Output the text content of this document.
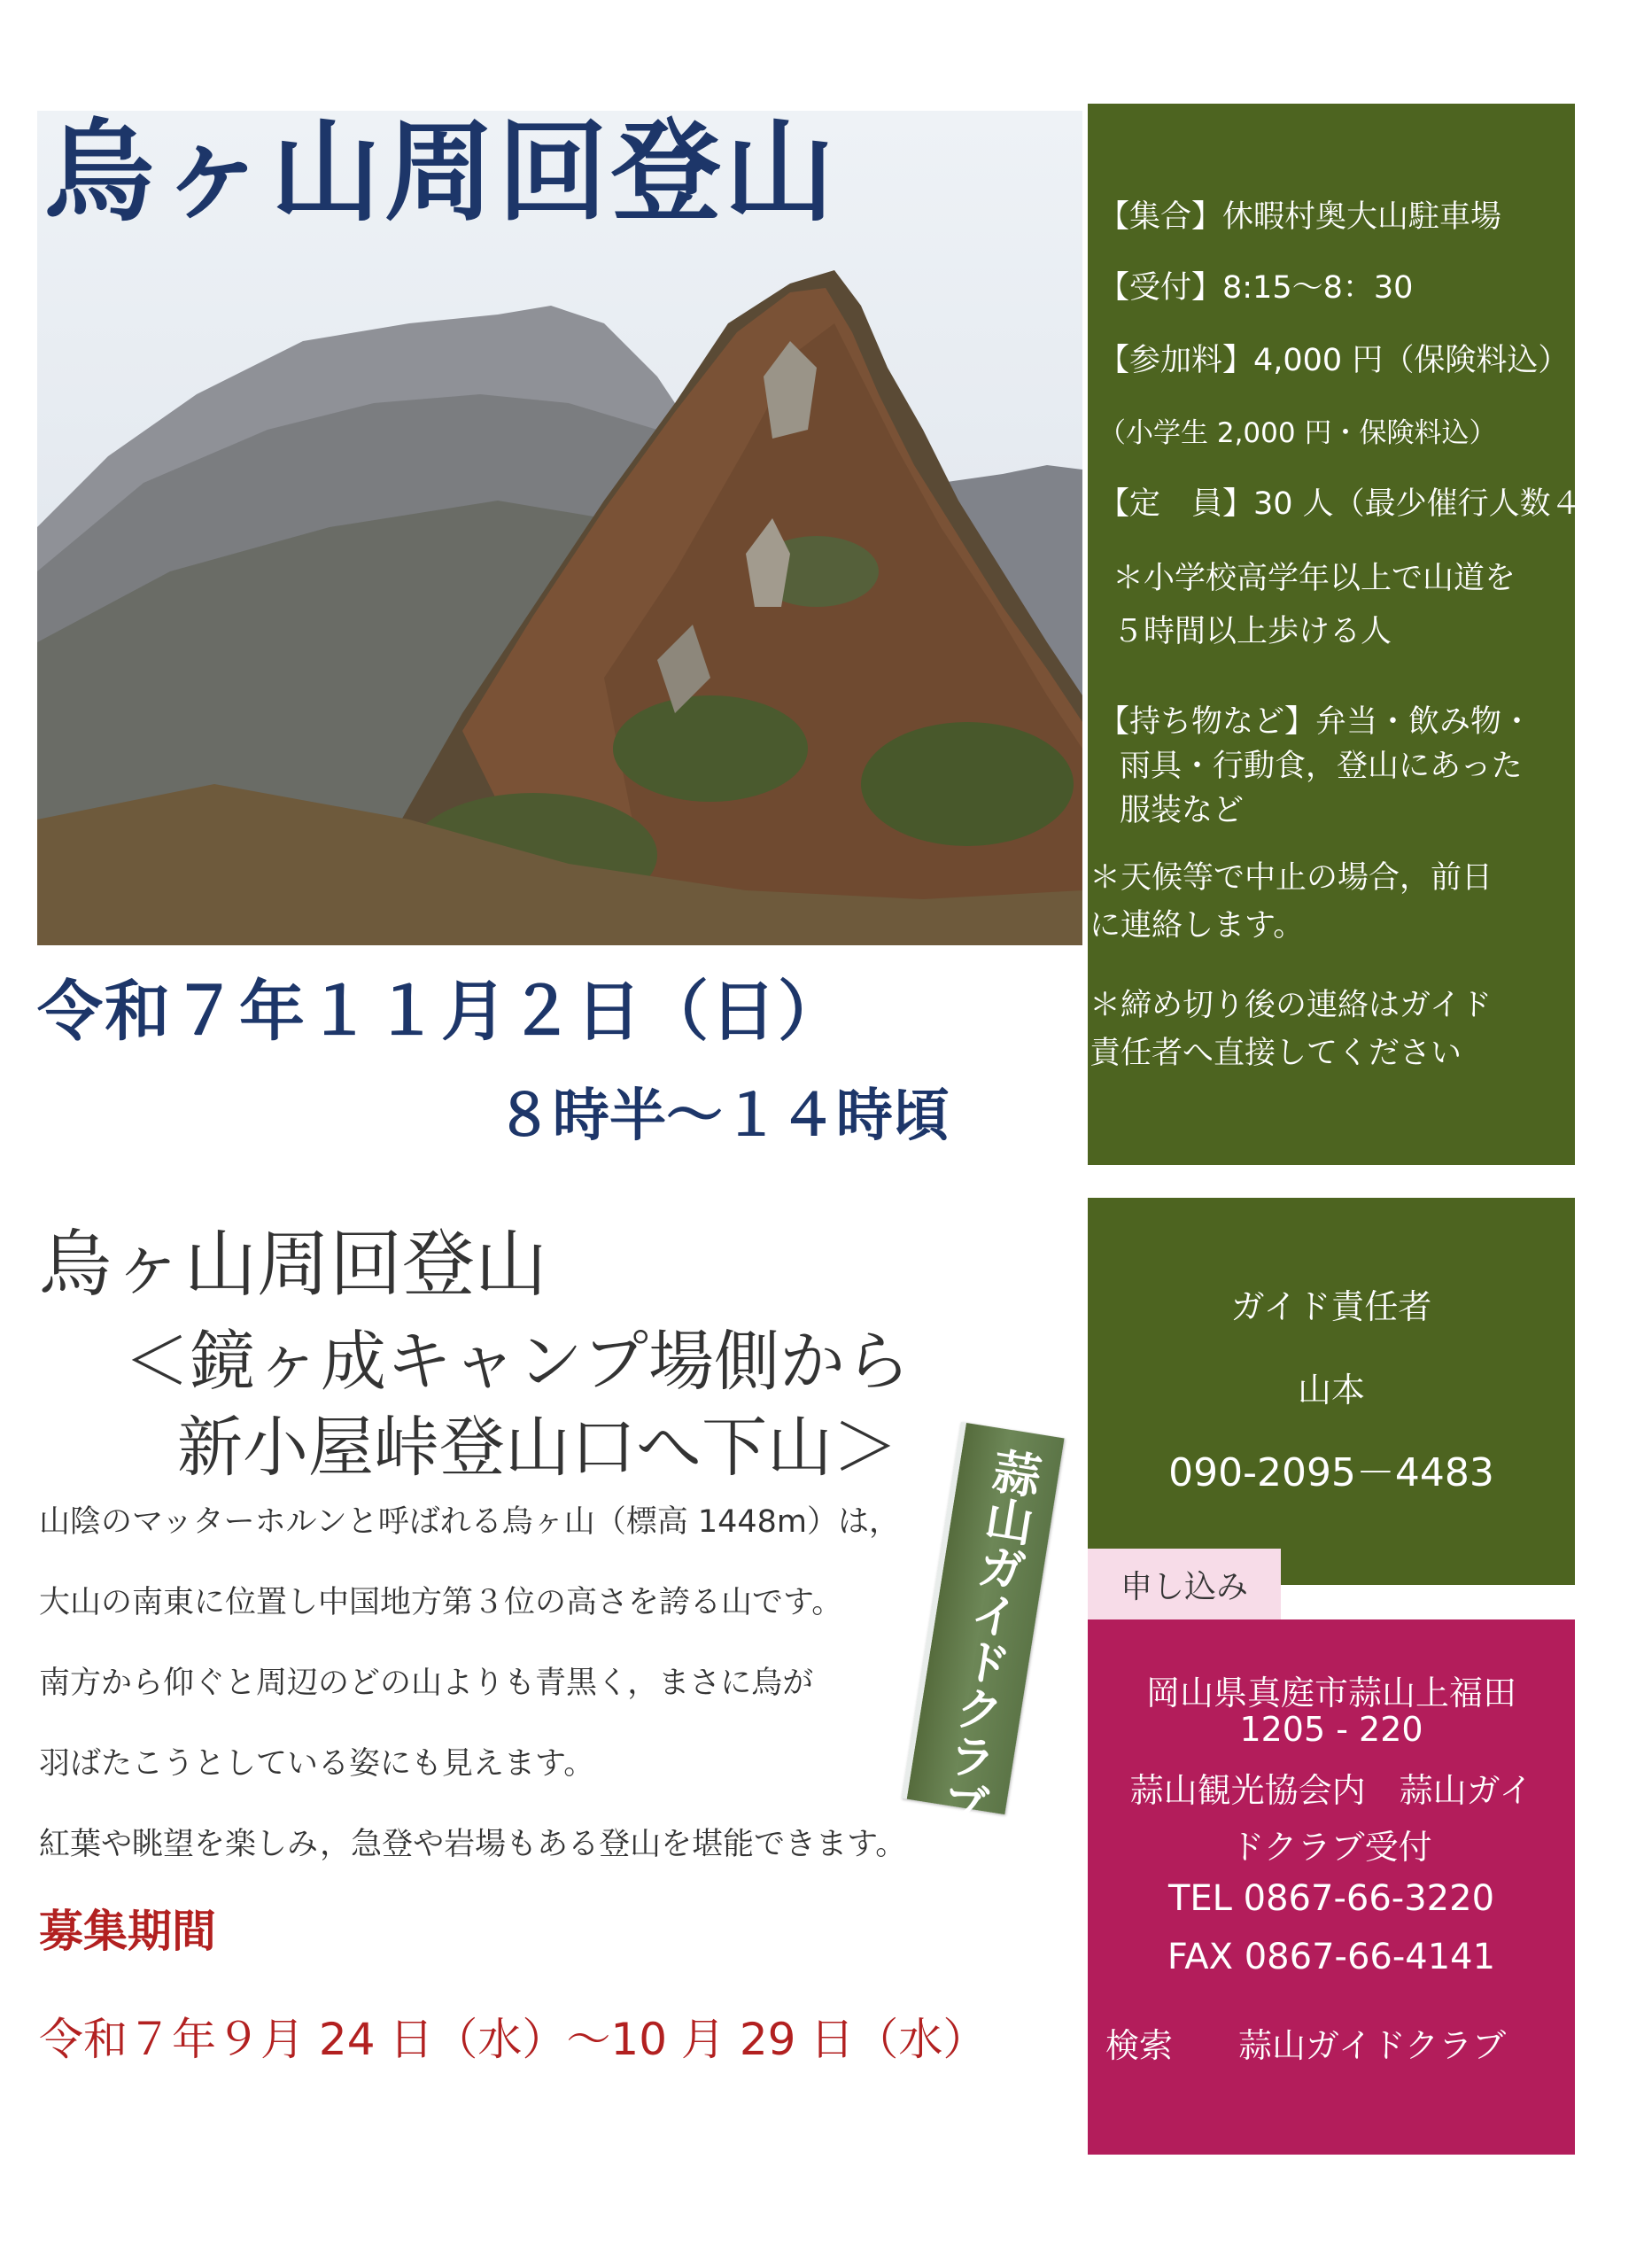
烏ヶ山周回登山	【集合】休暇村奥大山駐車場
【受付】8:15～8：30
【参加料】4,000 円（保険料込）
（小学生 2,000 円・保険料込）
【定　員】30 人（最少催行人数４人）
＊小学校高学年以上で山道を
５時間以上歩ける人
【持ち物など】弁当・飲み物・
雨具・行動食，登山にあった
服装など
＊天候等で中止の場合，前日
に連絡します。
＊締め切り後の連絡はガイド
責任者へ直接してください
令和７年１１月２日（日）
８時半～１４時頃
烏ヶ山周回登山
＜鏡ヶ成キャンプ場側から
新小屋峠登山口へ下山＞
山陰のマッターホルンと呼ばれる烏ヶ山（標高 1448m）は，
大山の南東に位置し中国地方第３位の高さを誇る山です。
南方から仰ぐと周辺のどの山よりも青黒く，まさに烏が
羽ばたこうとしている姿にも見えます。
紅葉や眺望を楽しみ，急登や岩場もある登山を堪能できます。
募集期間
令和７年９月 24 日（水）～10 月 29 日（水）
蒜山ガイドクラブ
ガイド責任者
山本
090-2095－4483
申し込み
岡山県真庭市蒜山上福田
1205 - 220
蒜山観光協会内　蒜山ガイ
ドクラブ受付
TEL 0867-66-3220
FAX 0867-66-4141
検索 蒜山ガイドクラブ
